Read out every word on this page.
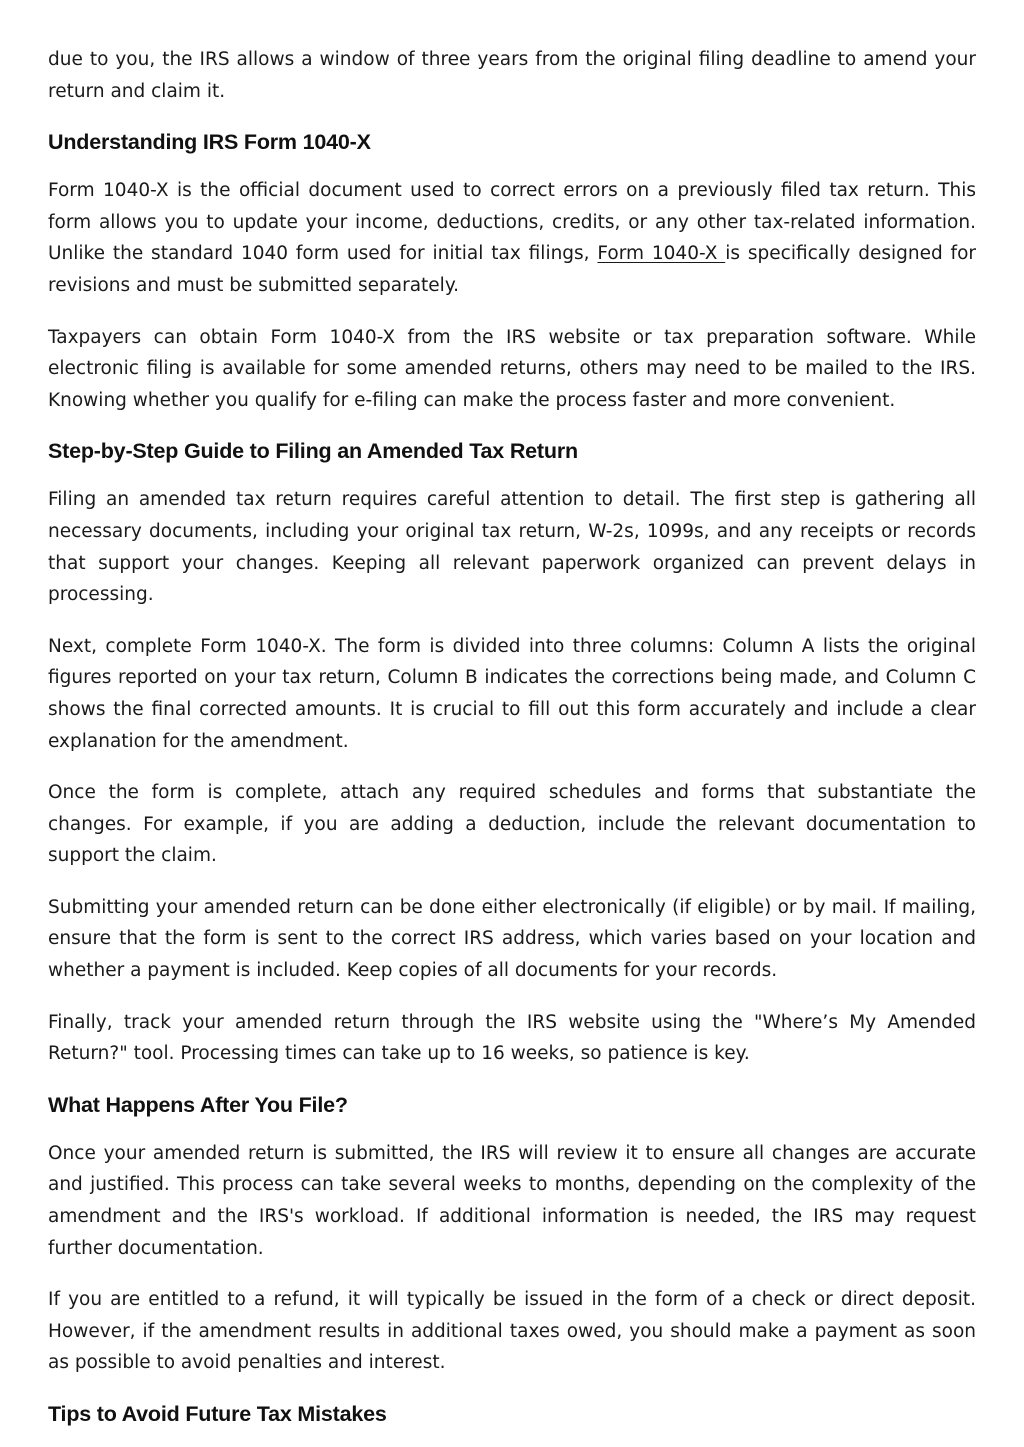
due to you, the IRS allows a window of three years from the original filing deadline to amend your return and claim it.

Understanding IRS Form 1040-X

Form 1040-X is the official document used to correct errors on a previously filed tax return. This form allows you to update your income, deductions, credits, or any other tax-related information. Unlike the standard 1040 form used for initial tax filings, Form 1040-X is specifically designed for revisions and must be submitted separately.

Taxpayers can obtain Form 1040-X from the IRS website or tax preparation software. While electronic filing is available for some amended returns, others may need to be mailed to the IRS. Knowing whether you qualify for e-filing can make the process faster and more convenient.

Step-by-Step Guide to Filing an Amended Tax Return

Filing an amended tax return requires careful attention to detail. The first step is gathering all necessary documents, including your original tax return, W-2s, 1099s, and any receipts or records that support your changes. Keeping all relevant paperwork organized can prevent delays in processing.

Next, complete Form 1040-X. The form is divided into three columns: Column A lists the original figures reported on your tax return, Column B indicates the corrections being made, and Column C shows the final corrected amounts. It is crucial to fill out this form accurately and include a clear explanation for the amendment.

Once the form is complete, attach any required schedules and forms that substantiate the changes. For example, if you are adding a deduction, include the relevant documentation to support the claim.

Submitting your amended return can be done either electronically (if eligible) or by mail. If mailing, ensure that the form is sent to the correct IRS address, which varies based on your location and whether a payment is included. Keep copies of all documents for your records.

Finally, track your amended return through the IRS website using the "Where’s My Amended Return?" tool. Processing times can take up to 16 weeks, so patience is key.

What Happens After You File?

Once your amended return is submitted, the IRS will review it to ensure all changes are accurate and justified. This process can take several weeks to months, depending on the complexity of the amendment and the IRS's workload. If additional information is needed, the IRS may request further documentation.

If you are entitled to a refund, it will typically be issued in the form of a check or direct deposit. However, if the amendment results in additional taxes owed, you should make a payment as soon as possible to avoid penalties and interest.

Tips to Avoid Future Tax Mistakes
